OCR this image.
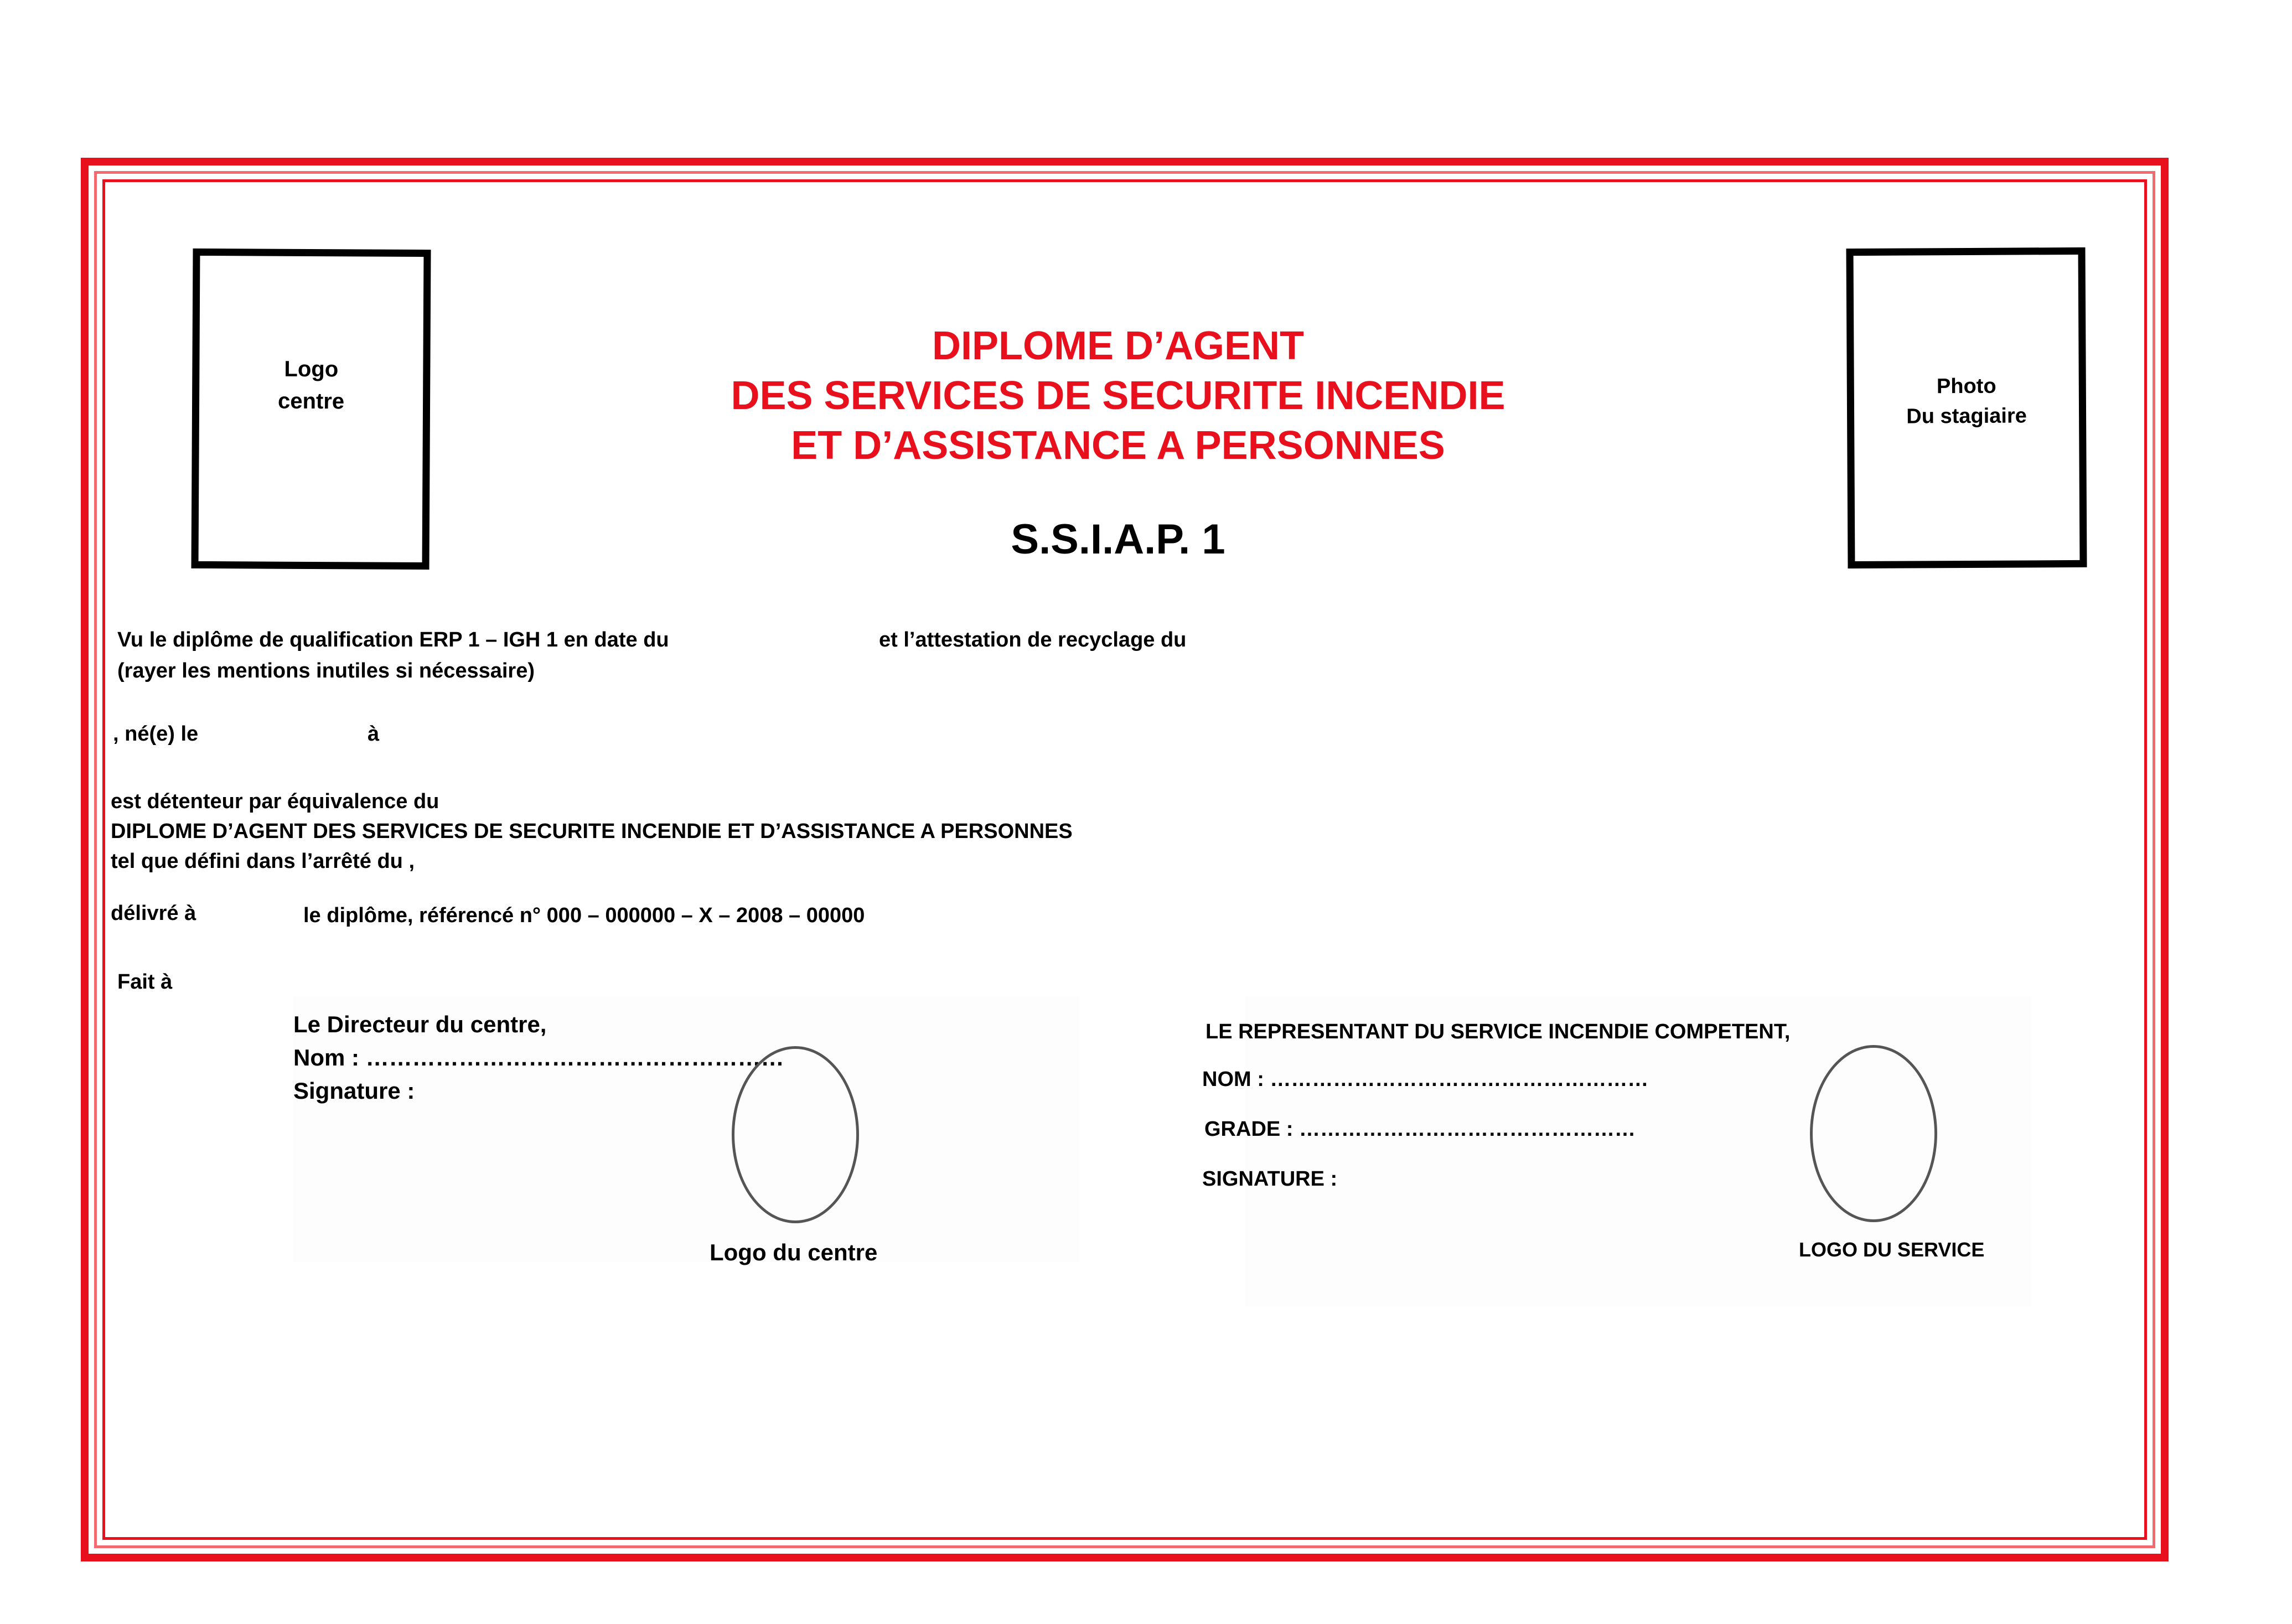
Logo
centre
Photo
Du stagiaire
DIPLOME D’AGENT
DES SERVICES DE SECURITE INCENDIE
ET D’ASSISTANCE A PERSONNES
S.S.I.A.P. 1
Vu le diplôme de qualification ERP 1 – IGH 1 en date du	et l’attestation de recyclage du
(rayer les mentions inutiles si nécessaire)
, né(e) le	à
est détenteur par équivalence du
DIPLOME D’AGENT DES SERVICES DE SECURITE INCENDIE ET D’ASSISTANCE A PERSONNES
tel que défini dans l’arrêté du ,
délivré à	le diplôme, référencé n° 000 – 000000 – X – 2008 – 00000
Fait à
Le Directeur du centre,
Nom : ………………………………………………
Signature :
Logo du centre
LE REPRESENTANT DU SERVICE INCENDIE COMPETENT,
NOM : ………………………………………………
GRADE : …………………………………………
SIGNATURE :
LOGO DU SERVICE
